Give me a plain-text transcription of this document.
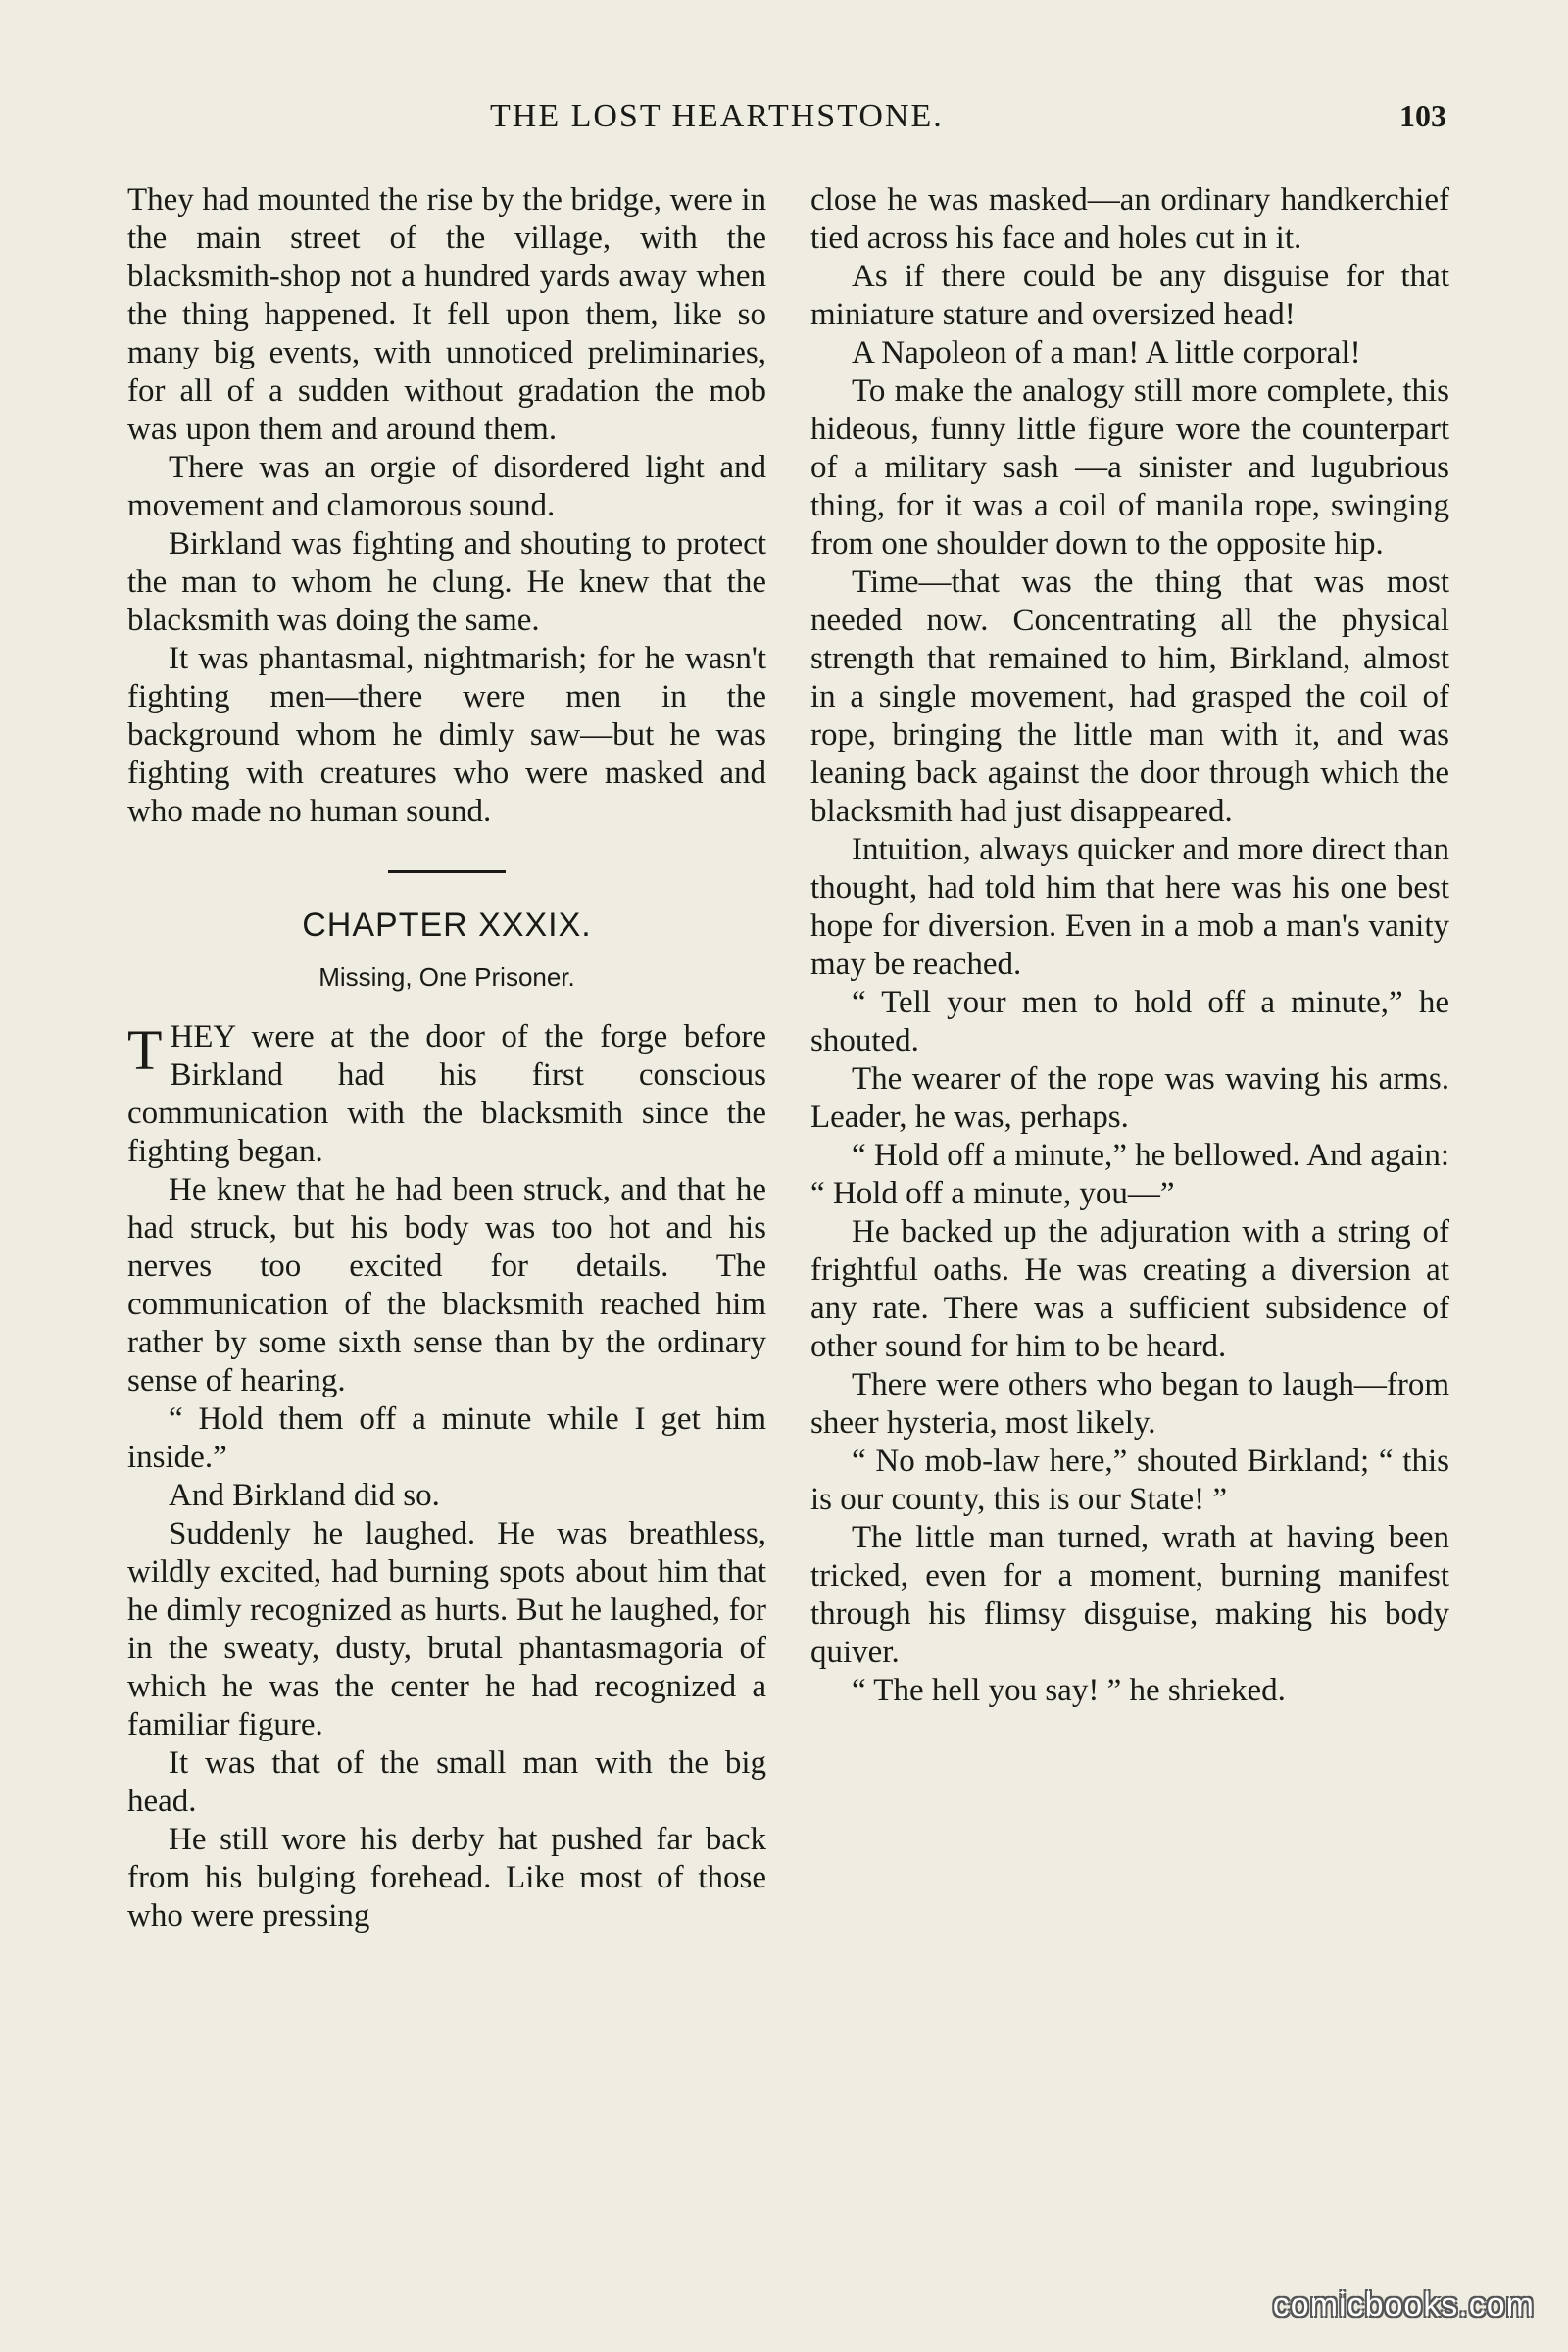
THE LOST HEARTHSTONE.	103

They had mounted the rise by the bridge, were in the main street of the village, with the blacksmith-shop not a hundred yards away when the thing happened. It fell upon them, like so many big events, with unnoticed preliminaries, for all of a sudden without gradation the mob was upon them and around them.

There was an orgie of disordered light and movement and clamorous sound.

Birkland was fighting and shouting to protect the man to whom he clung. He knew that the blacksmith was doing the same.

It was phantasmal, nightmarish; for he wasn't fighting men—there were men in the background whom he dimly saw—but he was fighting with creatures who were masked and who made no human sound.

CHAPTER XXXIX.
Missing, One Prisoner.

THEY were at the door of the forge before Birkland had his first conscious communication with the blacksmith since the fighting began.

He knew that he had been struck, and that he had struck, but his body was too hot and his nerves too excited for details. The communication of the blacksmith reached him rather by some sixth sense than by the ordinary sense of hearing.

“ Hold them off a minute while I get him inside.”

And Birkland did so.

Suddenly he laughed. He was breathless, wildly excited, had burning spots about him that he dimly recognized as hurts. But he laughed, for in the sweaty, dusty, brutal phantasmagoria of which he was the center he had recognized a familiar figure.

It was that of the small man with the big head.

He still wore his derby hat pushed far back from his bulging forehead. Like most of those who were pressing

close he was masked—an ordinary handkerchief tied across his face and holes cut in it.

As if there could be any disguise for that miniature stature and oversized head!

A Napoleon of a man! A little corporal!

To make the analogy still more complete, this hideous, funny little figure wore the counterpart of a military sash —a sinister and lugubrious thing, for it was a coil of manila rope, swinging from one shoulder down to the opposite hip.

Time—that was the thing that was most needed now. Concentrating all the physical strength that remained to him, Birkland, almost in a single movement, had grasped the coil of rope, bringing the little man with it, and was leaning back against the door through which the blacksmith had just disappeared.

Intuition, always quicker and more direct than thought, had told him that here was his one best hope for diversion. Even in a mob a man's vanity may be reached.

“ Tell your men to hold off a minute,” he shouted.

The wearer of the rope was waving his arms. Leader, he was, perhaps.

“ Hold off a minute,” he bellowed. And again: “ Hold off a minute, you—”

He backed up the adjuration with a string of frightful oaths. He was creating a diversion at any rate. There was a sufficient subsidence of other sound for him to be heard.

There were others who began to laugh—from sheer hysteria, most likely.

“ No mob-law here,” shouted Birkland; “ this is our county, this is our State! ”

The little man turned, wrath at having been tricked, even for a moment, burning manifest through his flimsy disguise, making his body quiver.

“ The hell you say! ” he shrieked.

comicbooks.com
